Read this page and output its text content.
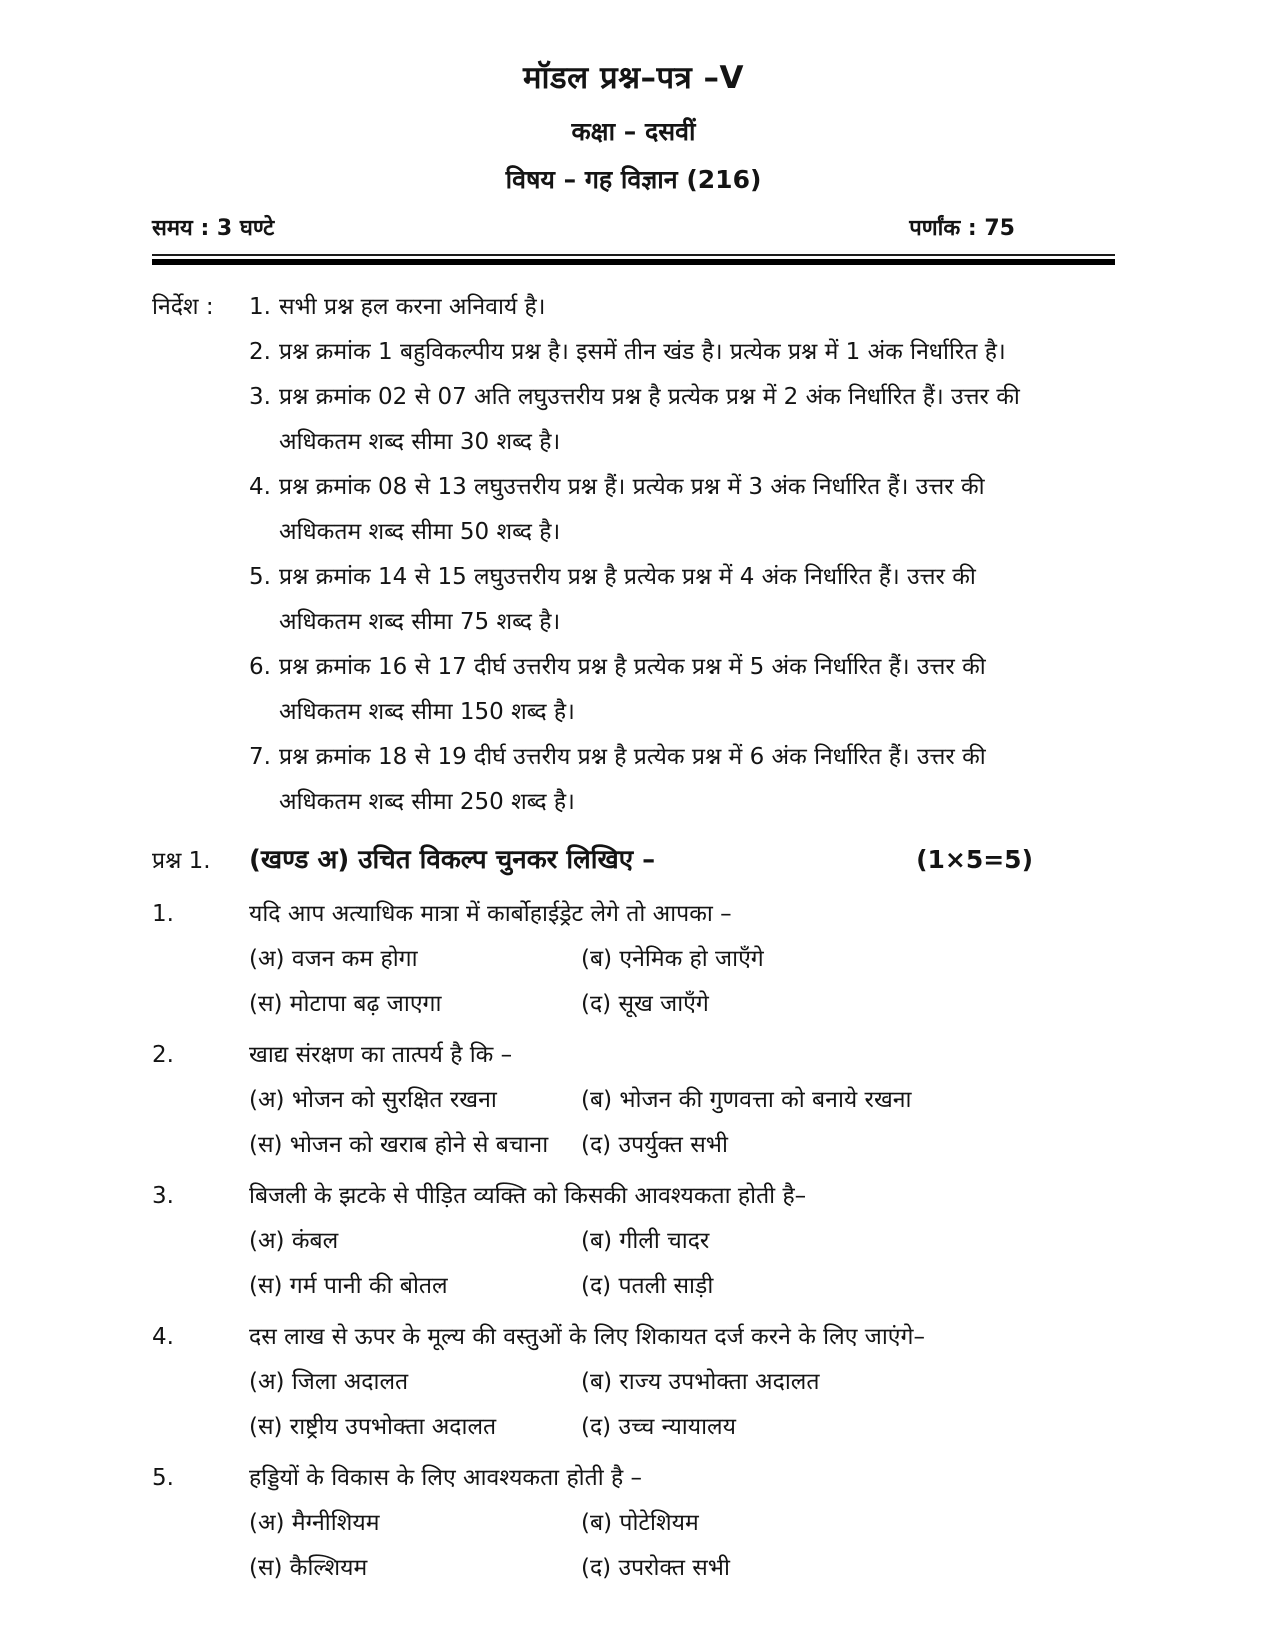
मॉडल प्रश्न–पत्र –V
कक्षा – दसवीं
विषय – गह विज्ञान (216)
समय : 3 घण्टे	पर्णांक : 75
निर्देश :	1. सभी प्रश्न हल करना अनिवार्य है।
2. प्रश्न क्रमांक 1 बहुविकल्पीय प्रश्न है। इसमें तीन खंड है। प्रत्येक प्रश्न में 1 अंक निर्धारित है।
3. प्रश्न क्रमांक 02 से 07 अति लघुउत्तरीय प्रश्न है प्रत्येक प्रश्न में 2 अंक निर्धारित हैं। उत्तर की
अधिकतम शब्द सीमा 30 शब्द है।
4. प्रश्न क्रमांक 08 से 13 लघुउत्तरीय प्रश्न हैं। प्रत्येक प्रश्न में 3 अंक निर्धारित हैं। उत्तर की
अधिकतम शब्द सीमा 50 शब्द है।
5. प्रश्न क्रमांक 14 से 15 लघुउत्तरीय प्रश्न है प्रत्येक प्रश्न में 4 अंक निर्धारित हैं। उत्तर की
अधिकतम शब्द सीमा 75 शब्द है।
6. प्रश्न क्रमांक 16 से 17 दीर्घ उत्तरीय प्रश्न है प्रत्येक प्रश्न में 5 अंक निर्धारित हैं। उत्तर की
अधिकतम शब्द सीमा 150 शब्द है।
7. प्रश्न क्रमांक 18 से 19 दीर्घ उत्तरीय प्रश्न है प्रत्येक प्रश्न में 6 अंक निर्धारित हैं। उत्तर की
अधिकतम शब्द सीमा 250 शब्द है।
प्रश्न 1.	(खण्ड अ) उचित विकल्प चुनकर लिखिए –	(1×5=5)
1.	यदि आप अत्याधिक मात्रा में कार्बोहाईड्रेट लेगे तो आपका –
(अ) वजन कम होगा	(ब) एनेमिक हो जाएँगे
(स) मोटापा बढ़ जाएगा	(द) सूख जाएँगे
2.	खाद्य संरक्षण का तात्पर्य है कि –
(अ) भोजन को सुरक्षित रखना	(ब) भोजन की गुणवत्ता को बनाये रखना
(स) भोजन को खराब होने से बचाना	(द) उपर्युक्त सभी
3.	बिजली के झटके से पीड़ित व्यक्ति को किसकी आवश्यकता होती है–
(अ) कंबल	(ब) गीली चादर
(स) गर्म पानी की बोतल	(द) पतली साड़ी
4.	दस लाख से ऊपर के मूल्य की वस्तुओं के लिए शिकायत दर्ज करने के लिए जाएंगे–
(अ) जिला अदालत	(ब) राज्य उपभोक्ता अदालत
(स) राष्ट्रीय उपभोक्ता अदालत	(द) उच्च न्यायालय
5.	हड्डियों के विकास के लिए आवश्यकता होती है –
(अ) मैग्नीशियम	(ब) पोटेशियम
(स) कैल्शियम	(द) उपरोक्त सभी
